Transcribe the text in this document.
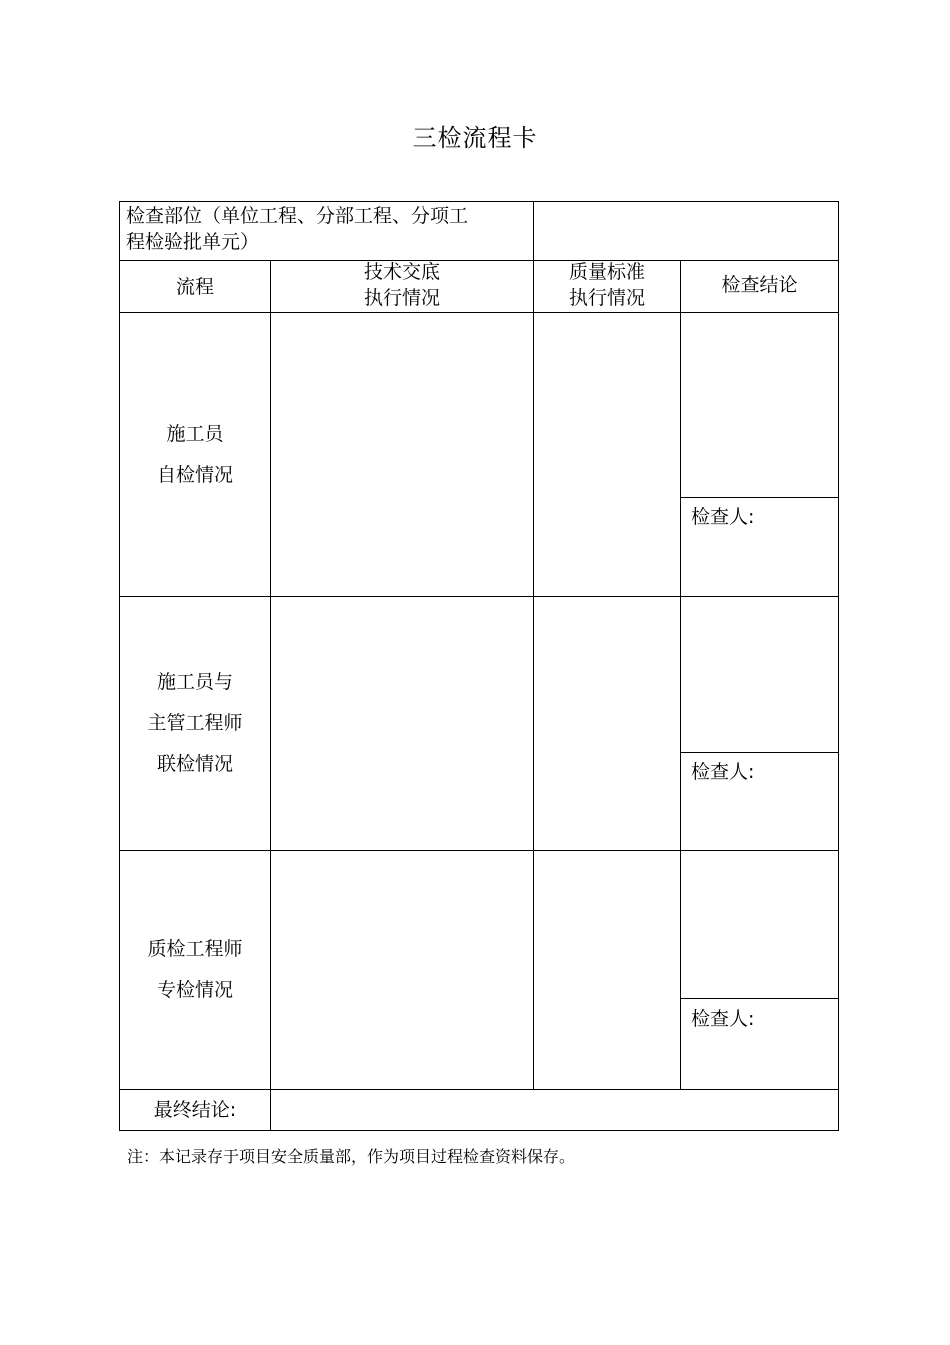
三检流程卡
检查部位（单位工程、分部工程、分项工
程检验批单元）
流程
技术交底
执行情况
质量标准
执行情况
检查结论
施工员
自检情况
检查人:
施工员与
主管工程师
联检情况	检查人:
质检工程师
专检情况
检查人:
最终结论:
注：本记录存于项目安全质量部，作为项目过程检查资料保存。
